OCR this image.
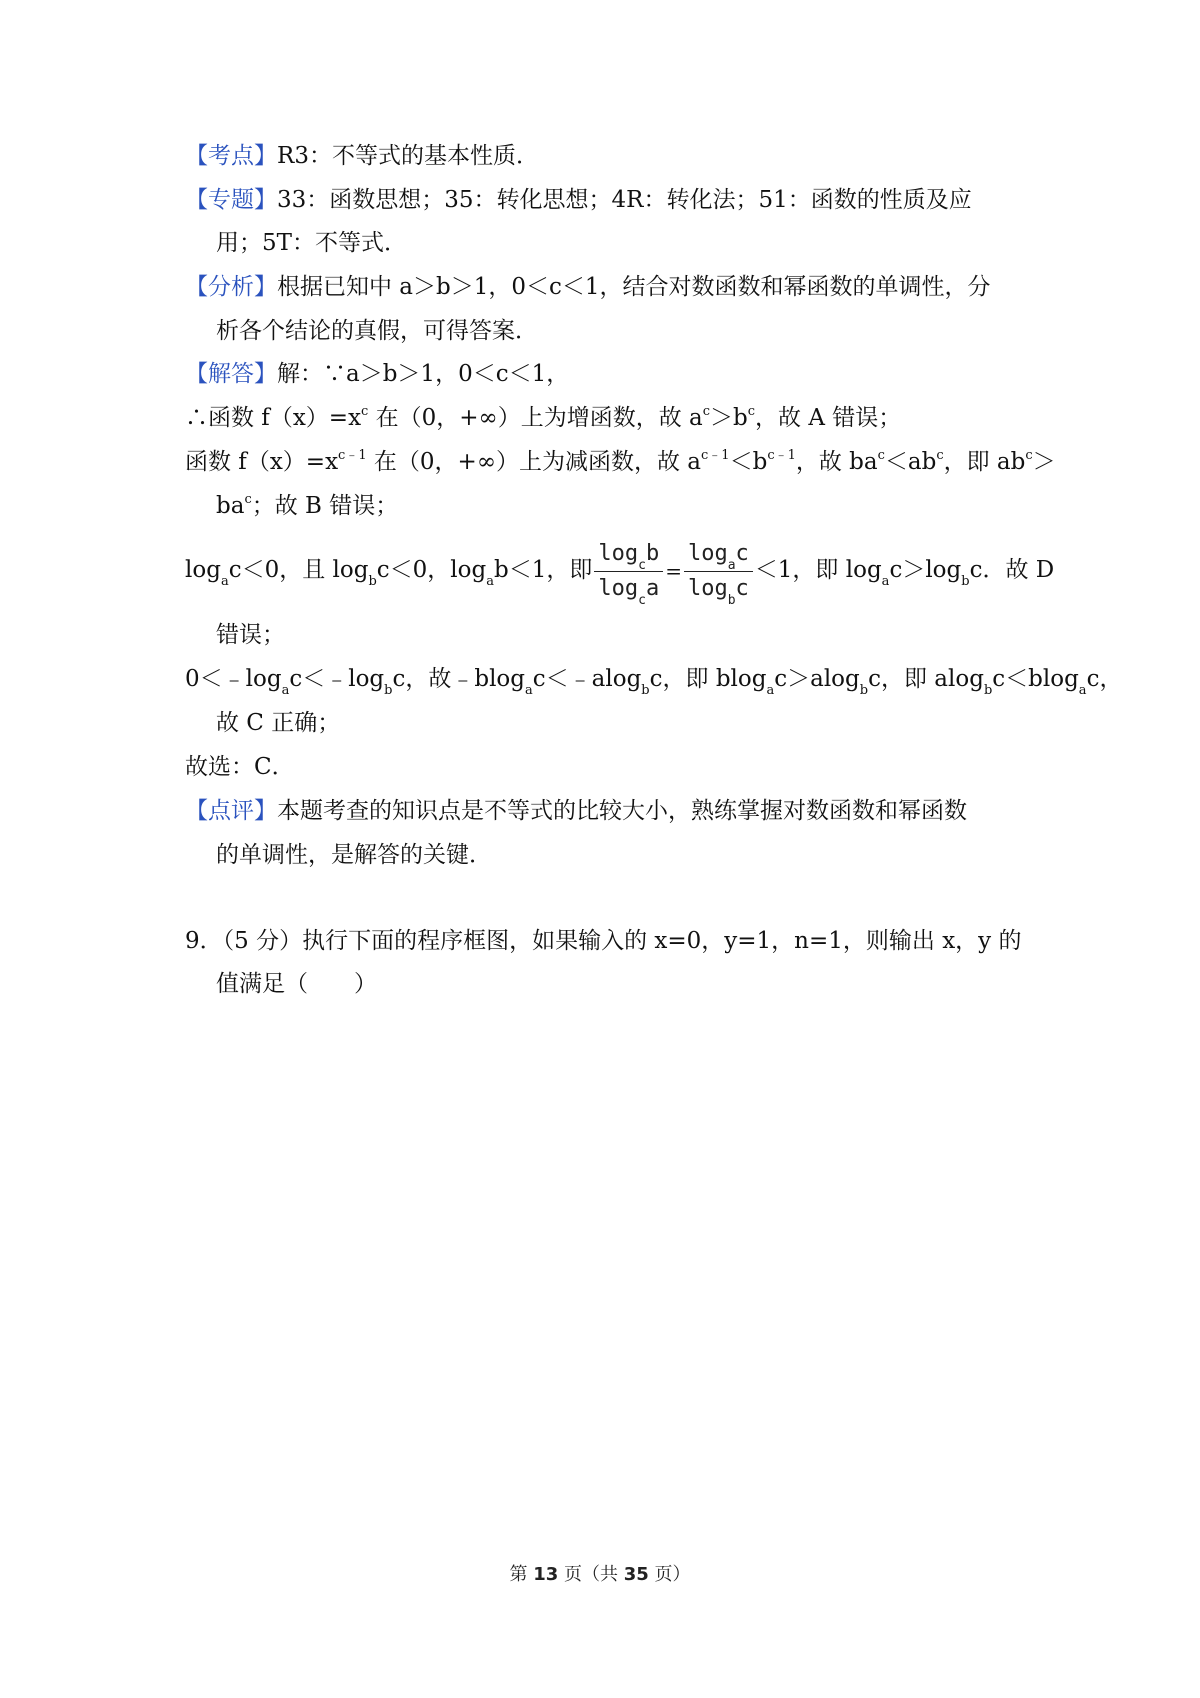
【考点】R3：不等式的基本性质．
【专题】33：函数思想；35：转化思想；4R：转化法；51：函数的性质及应
用；5T：不等式．
【分析】根据已知中 a＞b＞1，0＜c＜1，结合对数函数和幂函数的单调性，分
析各个结论的真假，可得答案．
【解答】解：∵a＞b＞1，0＜c＜1，
∴函数 $f(x)=x^c$ 在（0，+∞）上为增函数，故 $a^c>b^c$，故 A 错误；
函数 $f(x)=x^{c﹣1}$ 在（0，+∞）上为减函数，故 $a^{c﹣1}<b^{c﹣1}$，故 $ba^c<ab^c$，即 $ab^c>$
$ba^c$；故 B 错误；
$\log_ac<0$，且 $\log_bc<0$，$\log_ab<1$，即 $\frac{\log_cb}{\log_ca} = \frac{\log_ac}{\log_bc} <1$，即 $\log_ac>\log_bc$．故 D
错误；
$0<﹣\log_ac<﹣\log_bc$，故﹣blog$_a$c＜﹣alog$_b$c，即 blog$_a$c＞alog$_b$c，即 alog$_b$c＜blog$_a$c，
故 C 正确；
故选：C．
【点评】本题考查的知识点是不等式的比较大小，熟练掌握对数函数和幂函数
的单调性，是解答的关键．
9．（5 分）执行下面的程序框图，如果输入的 x=0，y=1，n=1，则输出 x，y 的
值满足（　　）
第 13 页（共 35 页）
